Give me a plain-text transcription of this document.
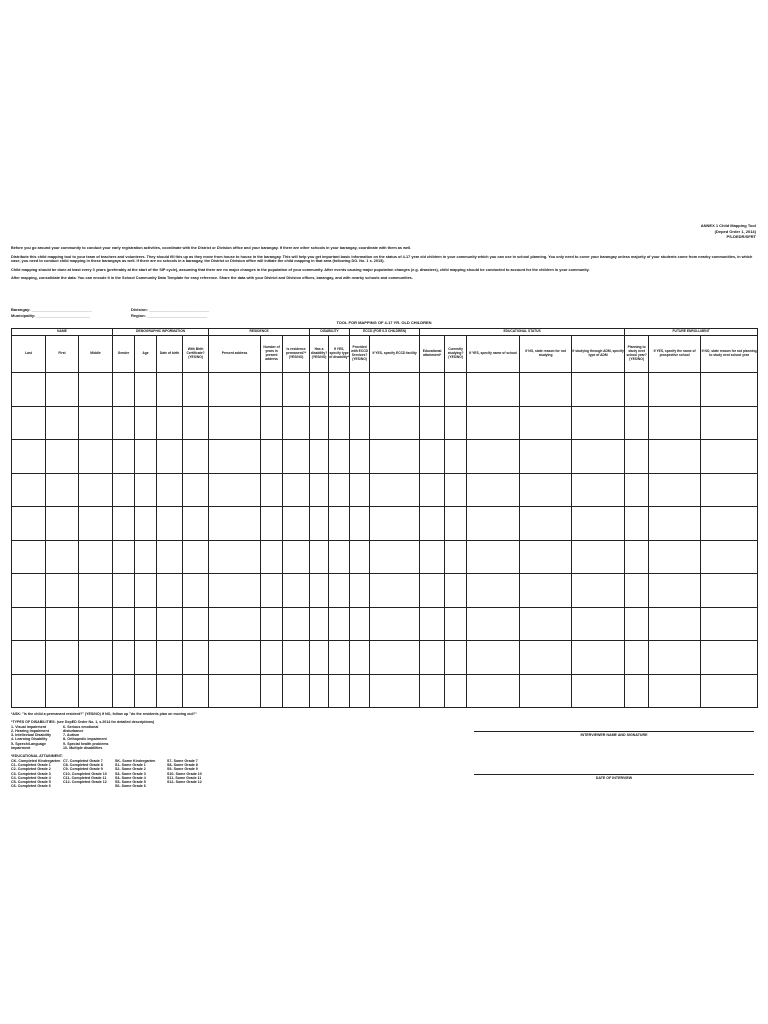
ANNEX 1 Child Mapping Tool
(Deped Order 1, 2014)
PS-DEDR/SFRT

Before you go around your community to conduct your early registration activities, coordinate with the District or Division office and your barangay. If there are other schools in your barangay, coordinate with them as well.

Distribute this child mapping tool to your team of teachers and volunteers. They should fill this up as they move from house to house in the barangay. This will help you get important basic information on the status of 4-17 year old children in your community which you can use in school planning. You only need to cover your barangay unless majority of your students come from nearby communities, in which case, you need to conduct child mapping in these barangays as well. If there are no schools in a barangay, the District or Division office will initiate the child mapping in that area (following DO. No. 1 s. 2015).

Child mapping should be done at least every 3 years (preferably at the start of the SIP cycle), assuming that there are no major changes in the population of your community. After events causing major population changes (e.g. disasters), child mapping should be conducted to account for the children in your community.

After mapping, consolidate the data. You can encode it in the School Community Data Template for easy reference. Share the data with your District and Division offices, barangay, and with nearby schools and communities.

Barangay: ___________________________	Division: ___________________________
Municipality: ________________________	Region: ___________________________
TOOL FOR MAPPING OF 4-17 YR. OLD CHILDREN
NAME			DEMOGRAPHIC INFORMATION				RESIDENCE			DISABILITY		ECCD (FOR 0-5 CHILDREN)		EDUCATIONAL STATUS					FUTURE ENROLLMENT		
Last	First	Middle	Gender	Age	Date of birth	With Birth Certificate? (YES/NO)	Present address	Number of years in present address	Is residence permanent?* (YES/NO)	Has a disability? (YES/NO)	If YES, specify type of disability*	Provided with ECCD Services? (YES/NO)	If YES, specify ECCD facility	Educational attainment*	Currently studying? (YES/NO)	If YES, specify name of school	If NO, state reason for not studying	If studying through ADM, specify type of ADM	Planning to study next school year? (YES/NO)	If YES, specify the name of prospective school	If NO, state reason for not planning to study next school year

*ASK: "Is the child a permanent resident?" (YES/NO) If NO, follow up "do the residents plan on moving out?"
*TYPES OF DISABILITIES: (see DepED Order No. 1, s.2014 for detailed descriptions)
1- Visual impairment
2- Hearing impairment
3- Intellectual Disability
4- Learning Disability
5- Speech/Language impairment
6- Serious emotional disturbance
7- Autism
8- Orthopedic impairment
9- Special health problems
10- Multiple disabilities
*EDUCATIONAL ATTAINMENT:
CK- Completed Kindergarten
C1- Completed Grade 1
C2- Completed Grade 2
C3- Completed Grade 3
C4- Completed Grade 4
C5- Completed Grade 5
C6- Completed Grade 6
C7- Completed Grade 7
C8- Completed Grade 8
C9- Completed Grade 9
C10- Completed Grade 10
C11- Completed Grade 11
C12- Completed Grade 12
SK- Some Kindergarten
S1- Some Grade 1
S2- Some Grade 2
S3- Some Grade 3
S4- Some Grade 4
S5- Some Grade 5
S6- Some Grade 6
S7- Some Grade 7
S8- Some Grade 8
S9- Some Grade 9
S10- Some Grade 10
S11- Some Grade 11
S12- Some Grade 12
INTERVIEWER NAME AND SIGNATURE
DATE OF INTERVIEW
